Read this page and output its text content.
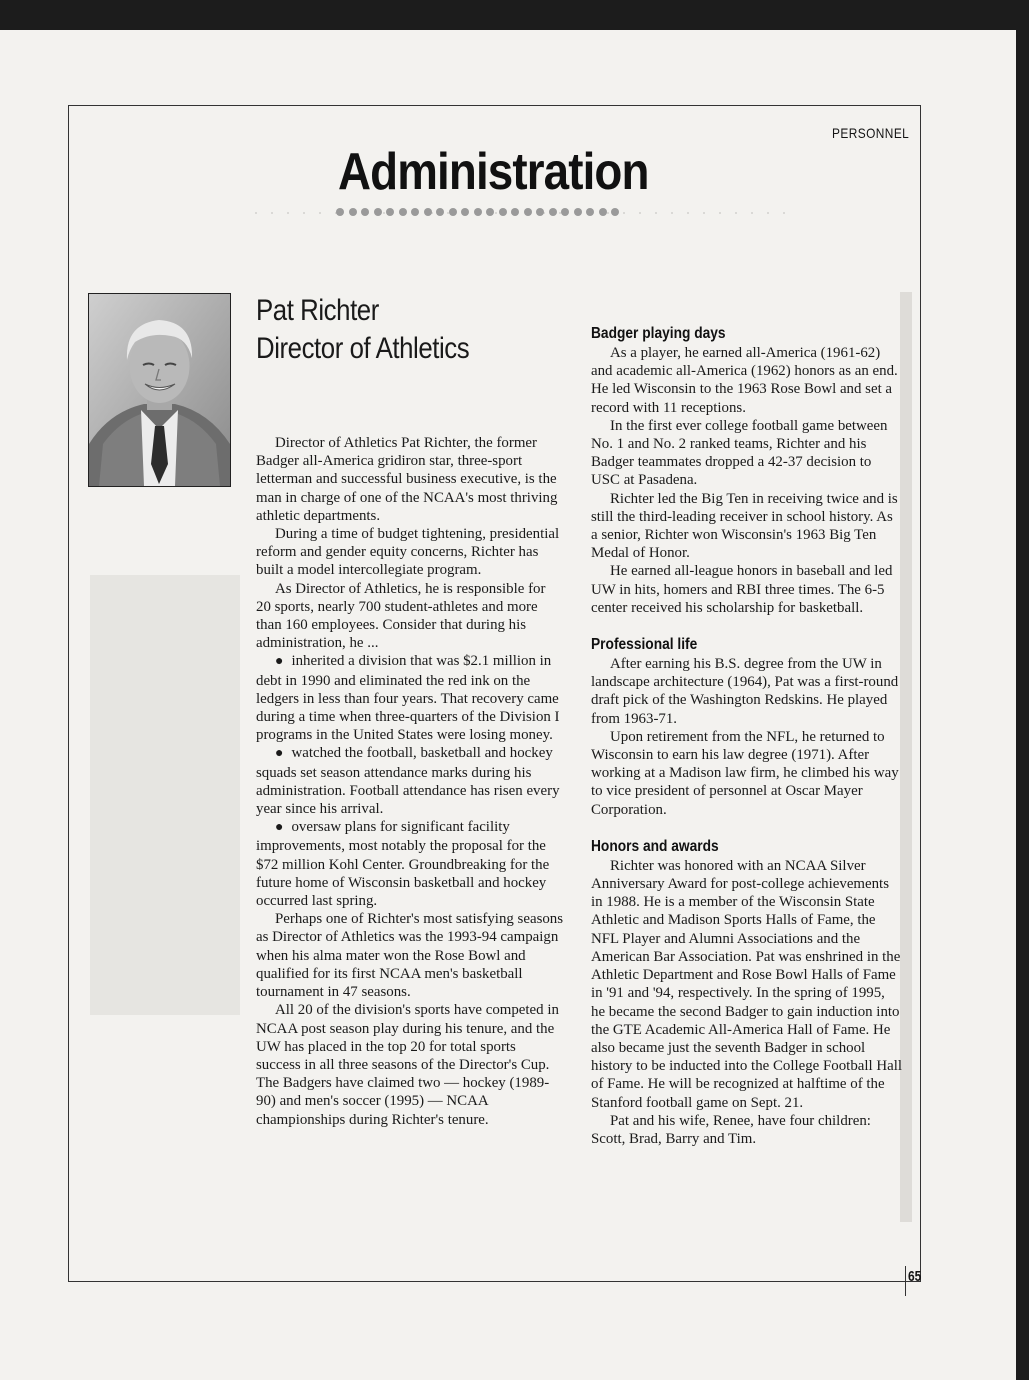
PERSONNEL
Administration
Pat Richter
Director of Athletics

Director of Athletics Pat Richter, the former Badger all-America gridiron star, three-sport letterman and successful business executive, is the man in charge of one of the NCAA's most thriving athletic departments.

During a time of budget tightening, presidential reform and gender equity concerns, Richter has built a model intercollegiate program.

As Director of Athletics, he is responsible for 20 sports, nearly 700 student-athletes and more than 160 employees. Consider that during his administration, he ...

● inherited a division that was $2.1 million in debt in 1990 and eliminated the red ink on the ledgers in less than four years. That recovery came during a time when three-quarters of the Division I programs in the United States were losing money.

● watched the football, basketball and hockey squads set season attendance marks during his administration. Football attendance has risen every year since his arrival.

● oversaw plans for significant facility improvements, most notably the proposal for the $72 million Kohl Center. Groundbreaking for the future home of Wisconsin basketball and hockey occurred last spring.

Perhaps one of Richter's most satisfying seasons as Director of Athletics was the 1993-94 campaign when his alma mater won the Rose Bowl and qualified for its first NCAA men's basketball tournament in 47 seasons.

All 20 of the division's sports have competed in NCAA post season play during his tenure, and the UW has placed in the top 20 for total sports success in all three seasons of the Director's Cup. The Badgers have claimed two — hockey (1989-90) and men's soccer (1995) — NCAA championships during Richter's tenure.

Badger playing days

As a player, he earned all-America (1961-62) and academic all-America (1962) honors as an end. He led Wisconsin to the 1963 Rose Bowl and set a record with 11 receptions.

In the first ever college football game between No. 1 and No. 2 ranked teams, Richter and his Badger teammates dropped a 42-37 decision to USC at Pasadena.

Richter led the Big Ten in receiving twice and is still the third-leading receiver in school history. As a senior, Richter won Wisconsin's 1963 Big Ten Medal of Honor.

He earned all-league honors in baseball and led UW in hits, homers and RBI three times. The 6-5 center received his scholarship for basketball.

Professional life

After earning his B.S. degree from the UW in landscape architecture (1964), Pat was a first-round draft pick of the Washington Redskins. He played from 1963-71.

Upon retirement from the NFL, he returned to Wisconsin to earn his law degree (1971). After working at a Madison law firm, he climbed his way to vice president of personnel at Oscar Mayer Corporation.

Honors and awards

Richter was honored with an NCAA Silver Anniversary Award for post-college achievements in 1988. He is a member of the Wisconsin State Athletic and Madison Sports Halls of Fame, the NFL Player and Alumni Associations and the American Bar Association. Pat was enshrined in the Athletic Department and Rose Bowl Halls of Fame in '91 and '94, respectively. In the spring of 1995, he became the second Badger to gain induction into the GTE Academic All-America Hall of Fame. He also became just the seventh Badger in school history to be inducted into the College Football Hall of Fame. He will be recognized at halftime of the Stanford football game on Sept. 21.

Pat and his wife, Renee, have four children: Scott, Brad, Barry and Tim.

65
